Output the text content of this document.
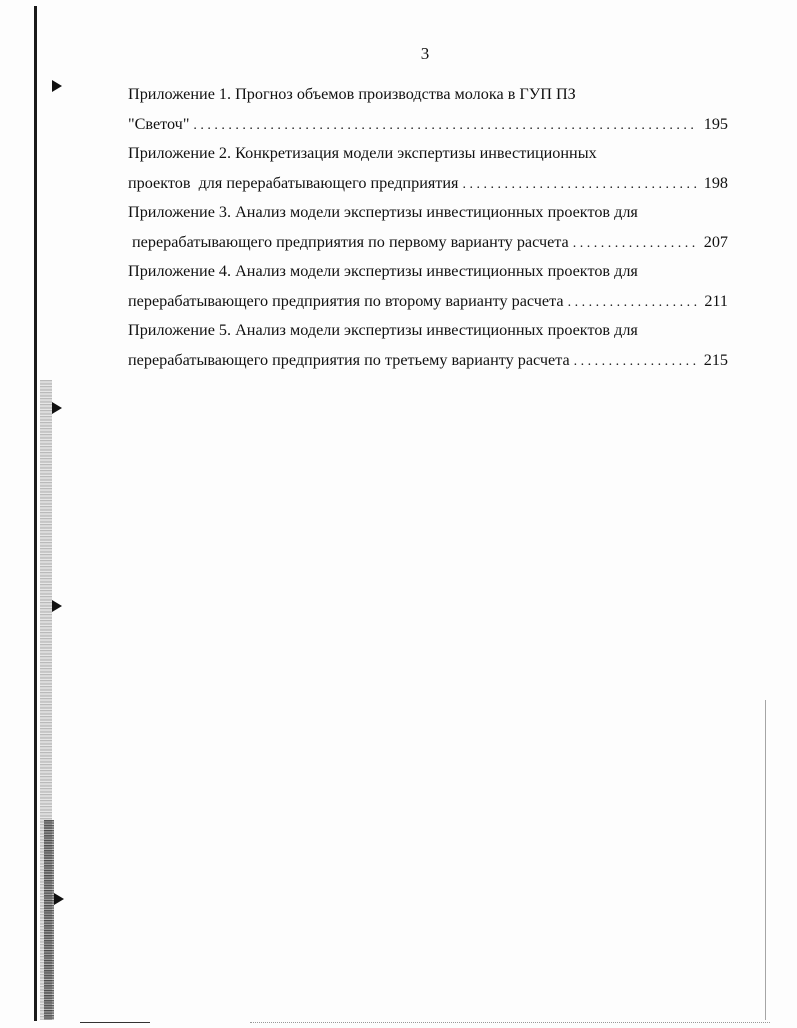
3
Приложение 1. Прогноз объемов производства молока в ГУП ПЗ
"Светоч" . . .	195
Приложение 2. Конкретизация модели экспертизы инвестиционных
проектов  для перерабатывающего предприятия . . .	198
Приложение 3. Анализ модели экспертизы инвестиционных проектов для
перерабатывающего предприятия по первому варианту расчета . . .	207
Приложение 4. Анализ модели экспертизы инвестиционных проектов для
перерабатывающего предприятия по второму варианту расчета . . .	211
Приложение 5. Анализ модели экспертизы инвестиционных проектов для
перерабатывающего предприятия по третьему варианту расчета . . .	215
